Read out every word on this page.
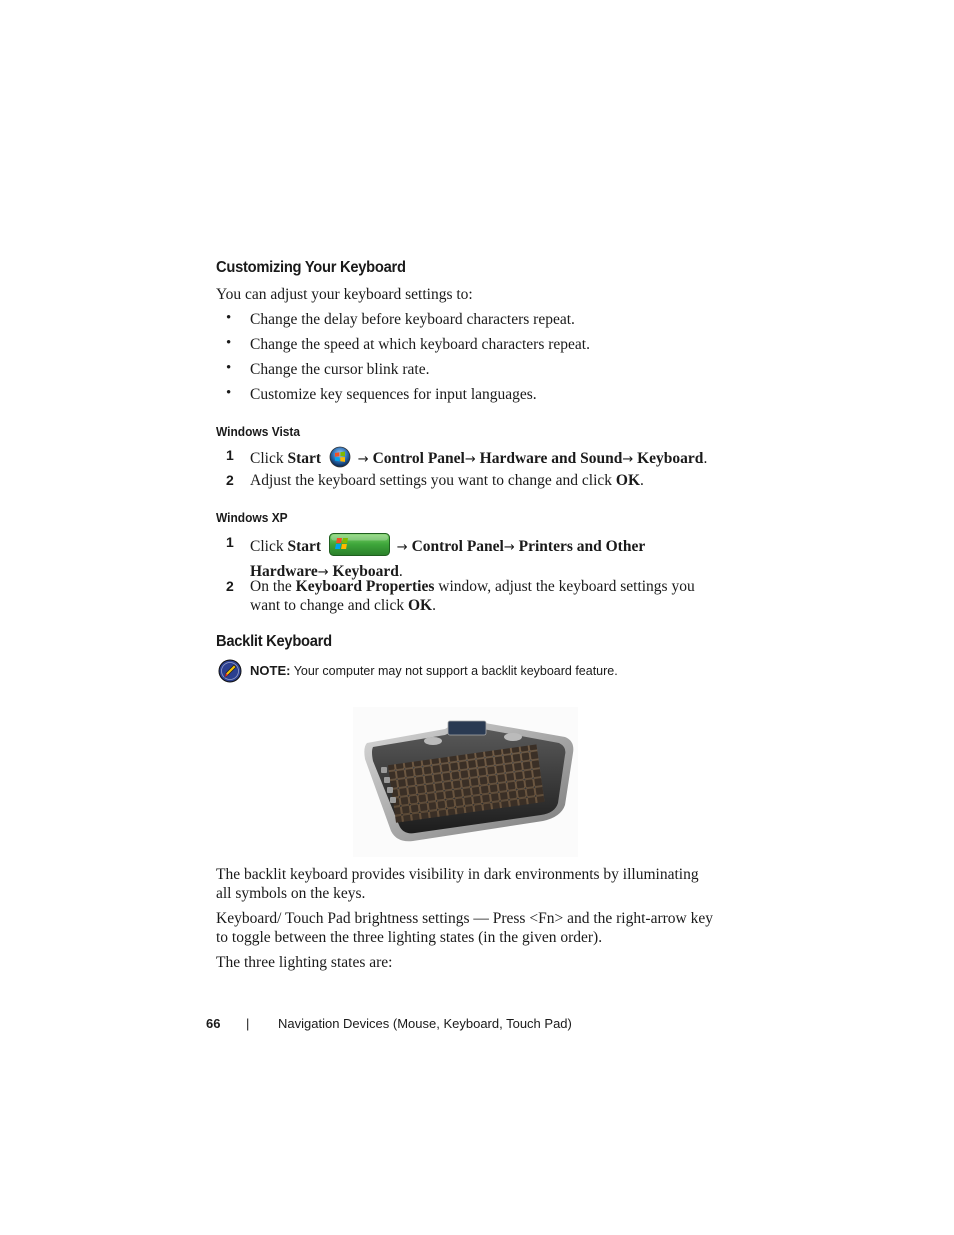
Customizing Your Keyboard
You can adjust your keyboard settings to:
• Change the delay before keyboard characters repeat.
• Change the speed at which keyboard characters repeat.
• Change the cursor blink rate.
• Customize key sequences for input languages.
Windows Vista
1 Click Start	→ Control Panel→ Hardware and Sound→ Keyboard.
2 Adjust the keyboard settings you want to change and click OK.
Windows XP
1 Click Start	→ Control Panel→ Printers and Other Hardware→ Keyboard.
2 On the Keyboard Properties window, adjust the keyboard settings you want to change and click OK.
Backlit Keyboard
NOTE: Your computer may not support a backlit keyboard feature.
The backlit keyboard provides visibility in dark environments by illuminating all symbols on the keys.
Keyboard/ Touch Pad brightness settings — Press <Fn> and the right-arrow key to toggle between the three lighting states (in the given order).
The three lighting states are:
66 | Navigation Devices (Mouse, Keyboard, Touch Pad)
